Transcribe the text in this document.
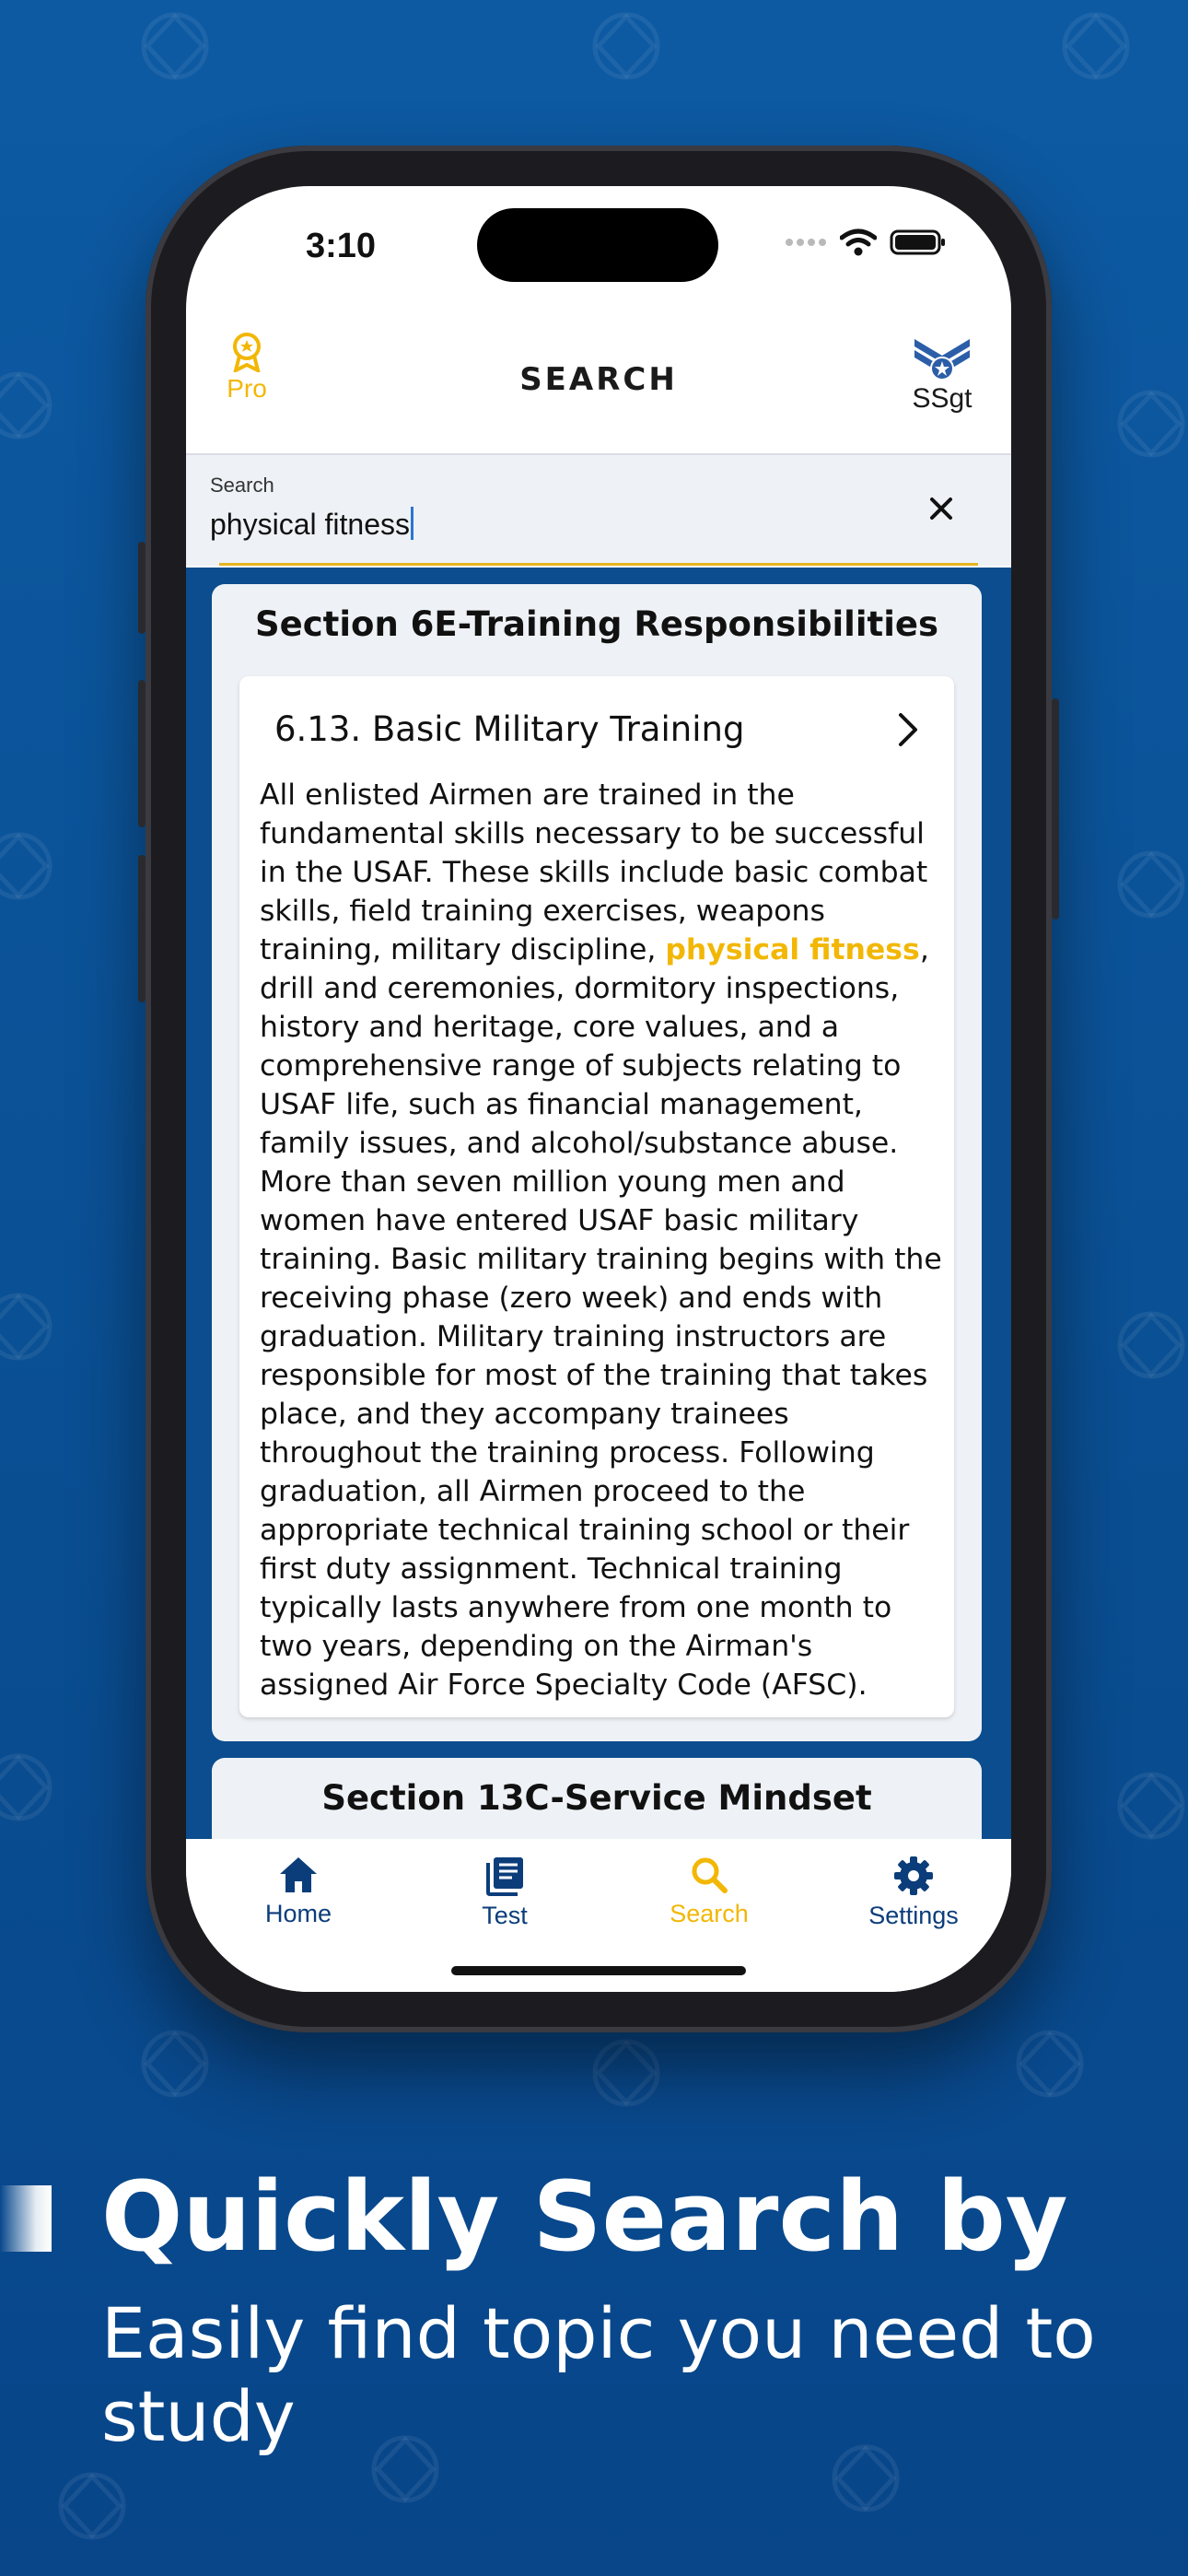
3:10
Pro	SEARCH
SSgt
Search
physical fitness
Section 6E-Training Responsibilities
6.13. Basic Military Training
All enlisted Airmen are trained in the fundamental skills necessary to be successful in the USAF. These skills include basic combat skills, field training exercises, weapons training, military discipline, physical fitness, drill and ceremonies, dormitory inspections, history and heritage, core values, and a comprehensive range of subjects relating to USAF life, such as financial management, family issues, and alcohol/substance abuse. More than seven million young men and women have entered USAF basic military training. Basic military training begins with the receiving phase (zero week) and ends with graduation. Military training instructors are responsible for most of the training that takes place, and they accompany trainees throughout the training process. Following graduation, all Airmen proceed to the appropriate technical training school or their first duty assignment. Technical training typically lasts anywhere from one month to two years, depending on the Airman's assigned Air Force Specialty Code (AFSC).
Section 13C-Service Mindset
Home	Test	Search	Settings
Quickly Search by
Easily find topic you need to study
